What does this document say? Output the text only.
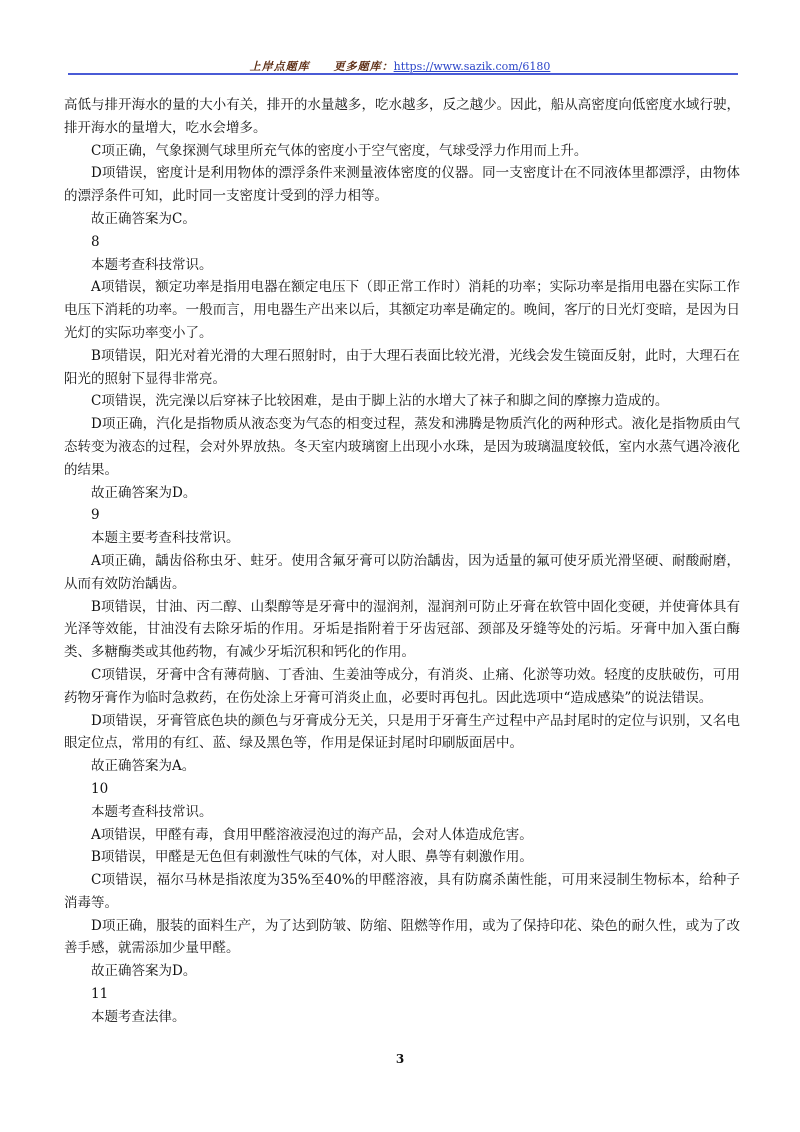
上岸点题库　　更多题库：https://www.sazik.com/6180

高低与排开海水的量的大小有关，排开的水量越多，吃水越多，反之越少。因此，船从高密度向低密度水域行驶，排开海水的量增大，吃水会增多。

C项正确，气象探测气球里所充气体的密度小于空气密度，气球受浮力作用而上升。

D项错误，密度计是利用物体的漂浮条件来测量液体密度的仪器。同一支密度计在不同液体里都漂浮，由物体的漂浮条件可知，此时同一支密度计受到的浮力相等。

故正确答案为C。

8

本题考查科技常识。

A项错误，额定功率是指用电器在额定电压下（即正常工作时）消耗的功率；实际功率是指用电器在实际工作电压下消耗的功率。一般而言，用电器生产出来以后，其额定功率是确定的。晚间，客厅的日光灯变暗，是因为日光灯的实际功率变小了。

B项错误，阳光对着光滑的大理石照射时，由于大理石表面比较光滑，光线会发生镜面反射，此时，大理石在阳光的照射下显得非常亮。

C项错误，洗完澡以后穿袜子比较困难，是由于脚上沾的水增大了袜子和脚之间的摩擦力造成的。

D项正确，汽化是指物质从液态变为气态的相变过程，蒸发和沸腾是物质汽化的两种形式。液化是指物质由气态转变为液态的过程，会对外界放热。冬天室内玻璃窗上出现小水珠，是因为玻璃温度较低，室内水蒸气遇冷液化的结果。

故正确答案为D。

9

本题主要考查科技常识。

A项正确，龋齿俗称虫牙、蛀牙。使用含氟牙膏可以防治龋齿，因为适量的氟可使牙质光滑坚硬、耐酸耐磨，从而有效防治龋齿。

B项错误，甘油、丙二醇、山梨醇等是牙膏中的湿润剂，湿润剂可防止牙膏在软管中固化变硬，并使膏体具有光泽等效能，甘油没有去除牙垢的作用。牙垢是指附着于牙齿冠部、颈部及牙缝等处的污垢。牙膏中加入蛋白酶类、多糖酶类或其他药物，有减少牙垢沉积和钙化的作用。

C项错误，牙膏中含有薄荷脑、丁香油、生姜油等成分，有消炎、止痛、化淤等功效。轻度的皮肤破伤，可用药物牙膏作为临时急救药，在伤处涂上牙膏可消炎止血，必要时再包扎。因此选项中“造成感染”的说法错误。

D项错误，牙膏管底色块的颜色与牙膏成分无关，只是用于牙膏生产过程中产品封尾时的定位与识别，又名电眼定位点，常用的有红、蓝、绿及黑色等，作用是保证封尾时印刷版面居中。

故正确答案为A。

10

本题考查科技常识。

A项错误，甲醛有毒，食用甲醛溶液浸泡过的海产品，会对人体造成危害。

B项错误，甲醛是无色但有刺激性气味的气体，对人眼、鼻等有刺激作用。

C项错误，福尔马林是指浓度为35%至40%的甲醛溶液，具有防腐杀菌性能，可用来浸制生物标本，给种子消毒等。

D项正确，服装的面料生产，为了达到防皱、防缩、阻燃等作用，或为了保持印花、染色的耐久性，或为了改善手感，就需添加少量甲醛。

故正确答案为D。

11

本题考查法律。

3
